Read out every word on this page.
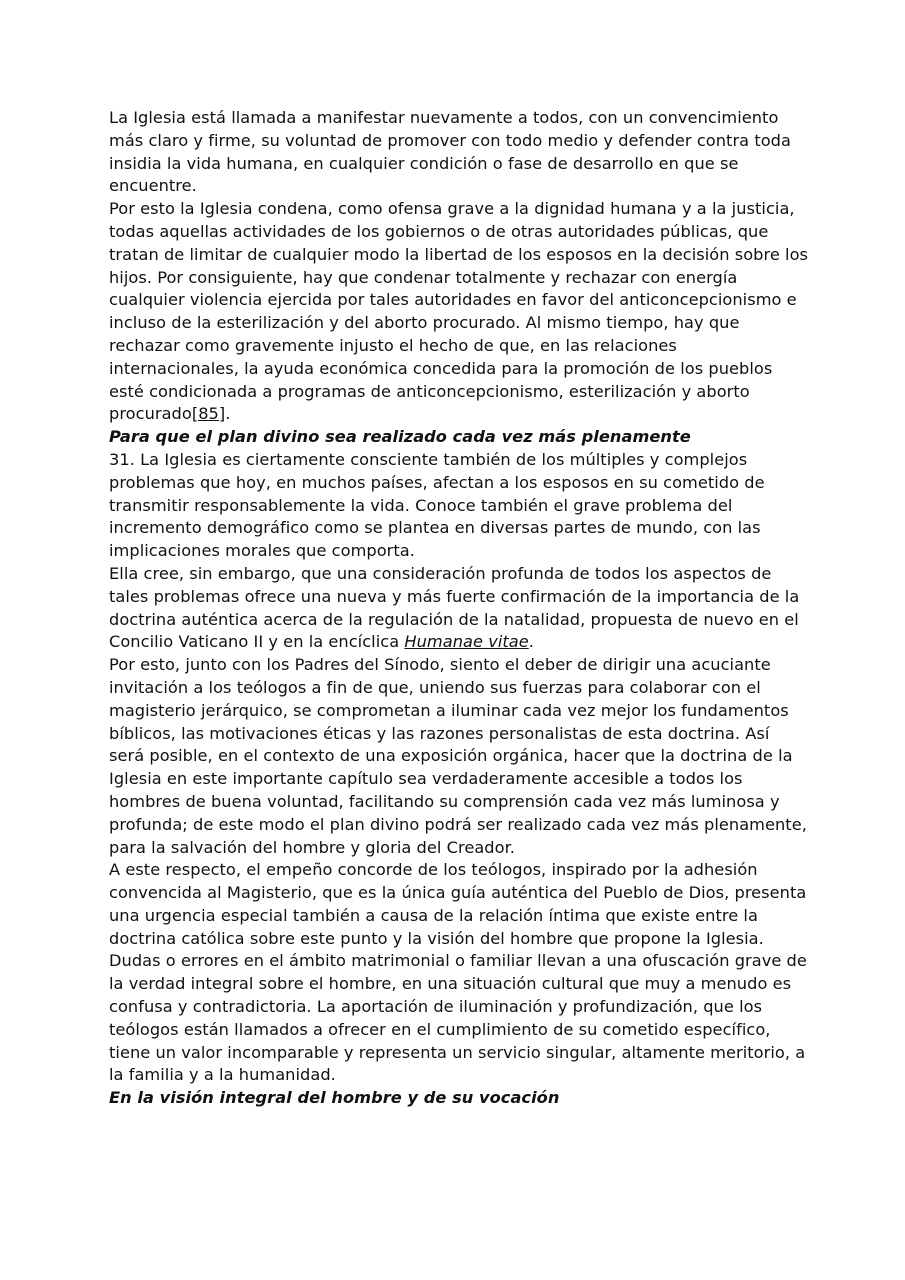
La Iglesia está llamada a manifestar nuevamente a todos, con un convencimiento más claro y firme, su voluntad de promover con todo medio y defender contra toda insidia la vida humana, en cualquier condición o fase de desarrollo en que se encuentre.

Por esto la Iglesia condena, como ofensa grave a la dignidad humana y a la justicia, todas aquellas actividades de los gobiernos o de otras autoridades públicas, que tratan de limitar de cualquier modo la libertad de los esposos en la decisión sobre los hijos. Por consiguiente, hay que condenar totalmente y rechazar con energía cualquier violencia ejercida por tales autoridades en favor del anticoncepcionismo e incluso de la esterilización y del aborto procurado. Al mismo tiempo, hay que rechazar como gravemente injusto el hecho de que, en las relaciones internacionales, la ayuda económica concedida para la promoción de los pueblos esté condicionada a programas de anticoncepcionismo, esterilización y aborto procurado[85].

Para que el plan divino sea realizado cada vez más plenamente

31. La Iglesia es ciertamente consciente también de los múltiples y complejos problemas que hoy, en muchos países, afectan a los esposos en su cometido de transmitir responsablemente la vida. Conoce también el grave problema del incremento demográfico como se plantea en diversas partes de mundo, con las implicaciones morales que comporta.

Ella cree, sin embargo, que una consideración profunda de todos los aspectos de tales problemas ofrece una nueva y más fuerte confirmación de la importancia de la doctrina auténtica acerca de la regulación de la natalidad, propuesta de nuevo en el Concilio Vaticano II y en la encíclica Humanae vitae.

Por esto, junto con los Padres del Sínodo, siento el deber de dirigir una acuciante invitación a los teólogos a fin de que, uniendo sus fuerzas para colaborar con el magisterio jerárquico, se comprometan a iluminar cada vez mejor los fundamentos bíblicos, las motivaciones éticas y las razones personalistas de esta doctrina. Así será posible, en el contexto de una exposición orgánica, hacer que la doctrina de la Iglesia en este importante capítulo sea verdaderamente accesible a todos los hombres de buena voluntad, facilitando su comprensión cada vez más luminosa y profunda; de este modo el plan divino podrá ser realizado cada vez más plenamente, para la salvación del hombre y gloria del Creador.

A este respecto, el empeño concorde de los teólogos, inspirado por la adhesión convencida al Magisterio, que es la única guía auténtica del Pueblo de Dios, presenta una urgencia especial también a causa de la relación íntima que existe entre la doctrina católica sobre este punto y la visión del hombre que propone la Iglesia. Dudas o errores en el ámbito matrimonial o familiar llevan a una ofuscación grave de la verdad integral sobre el hombre, en una situación cultural que muy a menudo es confusa y contradictoria. La aportación de iluminación y profundización, que los teólogos están llamados a ofrecer en el cumplimiento de su cometido específico, tiene un valor incomparable y representa un servicio singular, altamente meritorio, a la familia y a la humanidad.

En la visión integral del hombre y de su vocación
